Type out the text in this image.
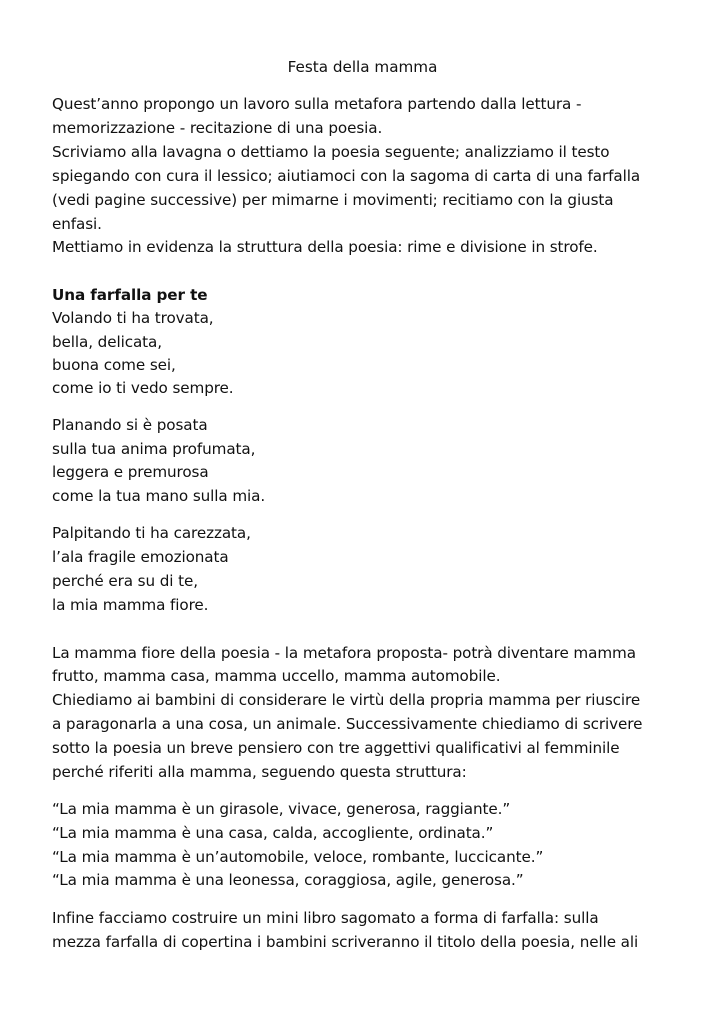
Festa della mamma
Quest’anno propongo un lavoro sulla metafora partendo dalla lettura -
memorizzazione - recitazione di una poesia.
Scriviamo alla lavagna o dettiamo la poesia seguente; analizziamo il testo
spiegando con cura il lessico; aiutiamoci con la sagoma di carta di una farfalla
(vedi pagine successive) per mimarne i movimenti; recitiamo con la giusta
enfasi.
Mettiamo in evidenza la struttura della poesia: rime e divisione in strofe.
Una farfalla per te
Volando ti ha trovata,
bella, delicata,
buona come sei,
come io ti vedo sempre.
Planando si è posata
sulla tua anima profumata,
leggera e premurosa
come la tua mano sulla mia.
Palpitando ti ha carezzata,
l’ala fragile emozionata
perché era su di te,
la mia mamma fiore.
La mamma fiore della poesia - la metafora proposta- potrà diventare mamma
frutto, mamma casa, mamma uccello, mamma automobile.
Chiediamo ai bambini di considerare le virtù della propria mamma per riuscire
a paragonarla a una cosa, un animale. Successivamente chiediamo di scrivere
sotto la poesia un breve pensiero con tre aggettivi qualificativi al femminile
perché riferiti alla mamma, seguendo questa struttura:
“La mia mamma è un girasole, vivace, generosa, raggiante.”
“La mia mamma è una casa, calda, accogliente, ordinata.”
“La mia mamma è un’automobile, veloce, rombante, luccicante.”
“La mia mamma è una leonessa, coraggiosa, agile, generosa.”
Infine facciamo costruire un mini libro sagomato a forma di farfalla: sulla
mezza farfalla di copertina i bambini scriveranno il titolo della poesia, nelle ali
